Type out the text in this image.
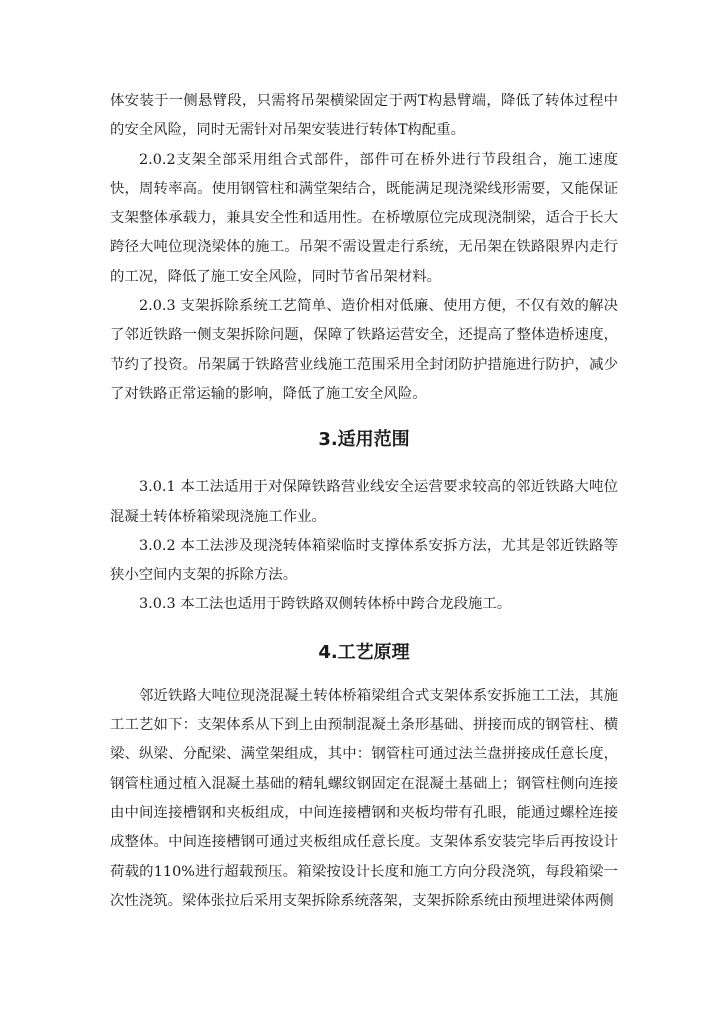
体安装于一侧悬臂段，只需将吊架横梁固定于两T构悬臂端，降低了转体过程中的安全风险，同时无需针对吊架安装进行转体T构配重。

2.0.2支架全部采用组合式部件，部件可在桥外进行节段组合，施工速度快，周转率高。使用钢管柱和满堂架结合，既能满足现浇梁线形需要，又能保证支架整体承载力，兼具安全性和适用性。在桥墩原位完成现浇制梁，适合于长大跨径大吨位现浇梁体的施工。吊架不需设置走行系统，无吊架在铁路限界内走行的工况，降低了施工安全风险，同时节省吊架材料。

2.0.3 支架拆除系统工艺简单、造价相对低廉、使用方便，不仅有效的解决了邻近铁路一侧支架拆除问题，保障了铁路运营安全，还提高了整体造桥速度，节约了投资。吊架属于铁路营业线施工范围采用全封闭防护措施进行防护，减少了对铁路正常运输的影响，降低了施工安全风险。

3.适用范围

3.0.1 本工法适用于对保障铁路营业线安全运营要求较高的邻近铁路大吨位混凝土转体桥箱梁现浇施工作业。

3.0.2 本工法涉及现浇转体箱梁临时支撑体系安拆方法，尤其是邻近铁路等狭小空间内支架的拆除方法。

3.0.3 本工法也适用于跨铁路双侧转体桥中跨合龙段施工。

4.工艺原理

邻近铁路大吨位现浇混凝土转体桥箱梁组合式支架体系安拆施工工法，其施工工艺如下：支架体系从下到上由预制混凝土条形基础、拼接而成的钢管柱、横梁、纵梁、分配梁、满堂架组成，其中：钢管柱可通过法兰盘拼接成任意长度，钢管柱通过植入混凝土基础的精轧螺纹钢固定在混凝土基础上；钢管柱侧向连接由中间连接槽钢和夹板组成，中间连接槽钢和夹板均带有孔眼，能通过螺栓连接成整体。中间连接槽钢可通过夹板组成任意长度。支架体系安装完毕后再按设计荷载的110%进行超载预压。箱梁按设计长度和施工方向分段浇筑，每段箱梁一次性浇筑。梁体张拉后采用支架拆除系统落架，支架拆除系统由预埋进梁体两侧
